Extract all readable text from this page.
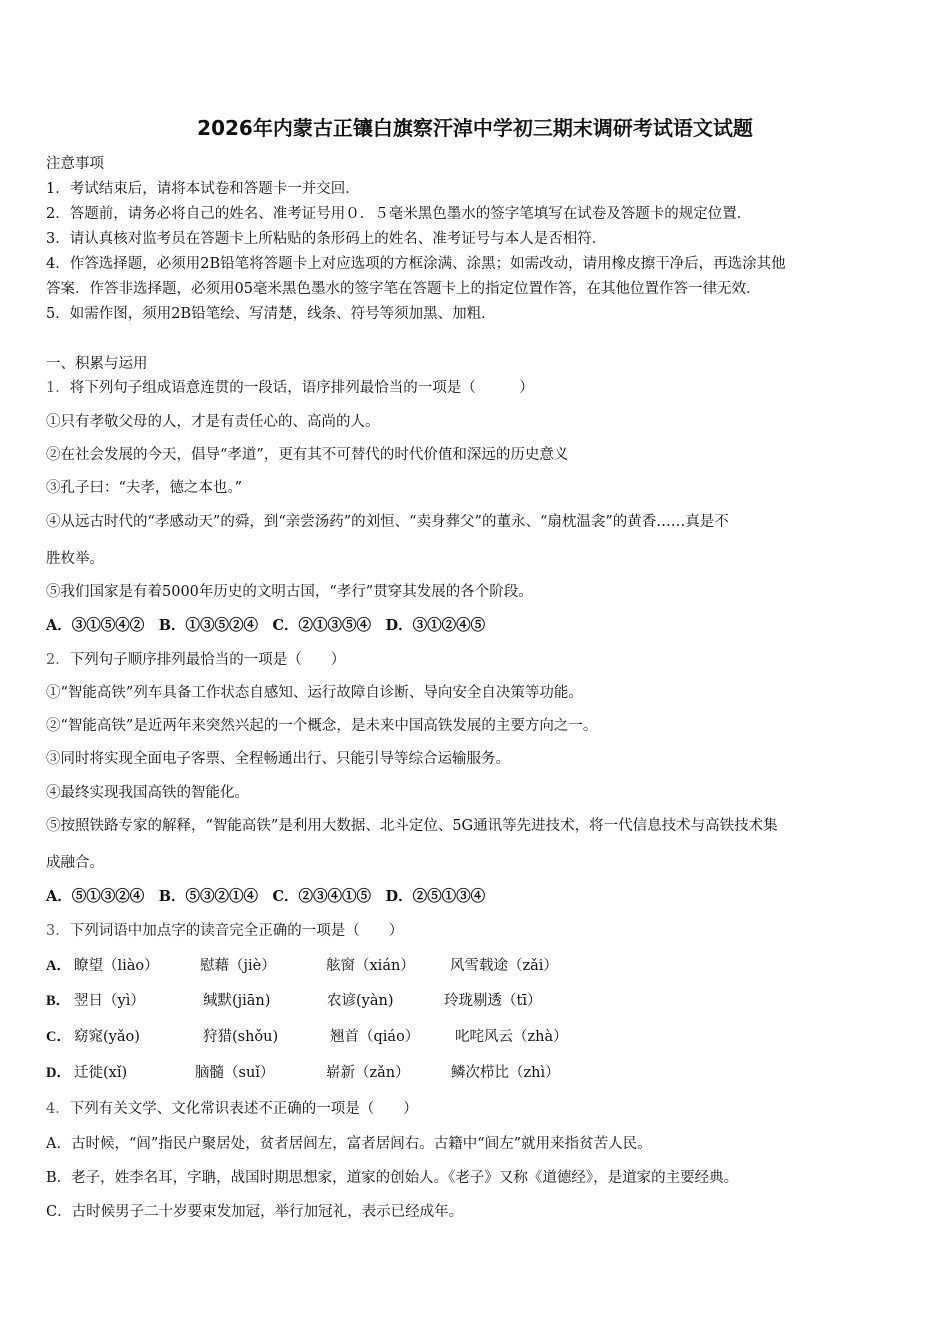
2026年内蒙古正镶白旗察汗淖中学初三期末调研考试语文试题
注意事项
1．考试结束后，请将本试卷和答题卡一并交回．
2．答题前，请务必将自己的姓名、准考证号用０．５毫米黑色墨水的签字笔填写在试卷及答题卡的规定位置．
3．请认真核对监考员在答题卡上所粘贴的条形码上的姓名、准考证号与本人是否相符．
4．作答选择题，必须用2B铅笔将答题卡上对应选项的方框涂满、涂黑；如需改动，请用橡皮擦干净后，再选涂其他
答案．作答非选择题，必须用05毫米黑色墨水的签字笔在答题卡上的指定位置作答，在其他位置作答一律无效．
5．如需作图，须用2B铅笔绘、写清楚，线条、符号等须加黑、加粗．
一、积累与运用
1．将下列句子组成语意连贯的一段话，语序排列最恰当的一项是（　　　）
①只有孝敬父母的人，才是有责任心的、高尚的人。
②在社会发展的今天，倡导“孝道”，更有其不可替代的时代价值和深远的历史意义
③孔子曰：“夫孝，德之本也。”
④从远古时代的“孝感动天”的舜，到“亲尝汤药”的刘恒、“卖身葬父”的董永、“扇枕温衾”的黄香……真是不
胜枚举。
⑤我们国家是有着5000年历史的文明古国，“孝行”贯穿其发展的各个阶段。
A．③①⑤④②　B．①③⑤②④　C．②①③⑤④　D．③①②④⑤
2．下列句子顺序排列最恰当的一项是（　　）
①“智能高铁”列车具备工作状态自感知、运行故障自诊断、导向安全自决策等功能。
②“智能高铁”是近两年来突然兴起的一个概念，是未来中国高铁发展的主要方向之一。
③同时将实现全面电子客票、全程畅通出行、只能引导等综合运输服务。
④最终实现我国高铁的智能化。
⑤按照铁路专家的解释，“智能高铁”是利用大数据、北斗定位、5G通讯等先进技术，将一代信息技术与高铁技术集
成融合。
A．⑤①③②④　B．⑤③②①④　C．②③④①⑤　D．②⑤①③④
3．下列词语中加点字的读音完全正确的一项是（　　）
A． 瞭望（liào）	慰藉（jiè）	舷窗（xián） 风雪载途（zǎi）
B． 翌日（yì）	缄默(jiān)	农谚(yàn)	玲珑剔透（tī）
C． 窈窕(yǎo)	狩猎(shǒu)	翘首（qiáo） 叱咤风云（zhà）
D． 迁徙(xǐ)	脑髓（suǐ）	崭新（zǎn）	鳞次栉比（zhì）
4．下列有关文学、文化常识表述不正确的一项是（　　）
A．古时候，“闾”指民户聚居处，贫者居闾左，富者居闾右。古籍中“闾左”就用来指贫苦人民。
B．老子，姓李名耳，字聃，战国时期思想家，道家的创始人。《老子》又称《道德经》，是道家的主要经典。
C．古时候男子二十岁要束发加冠，举行加冠礼，表示已经成年。
